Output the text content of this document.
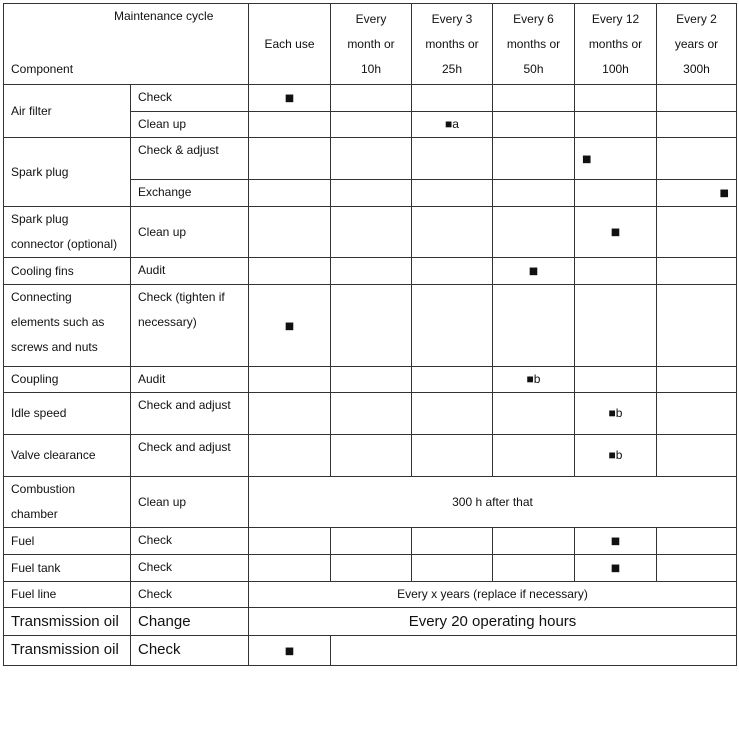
Maintenance cycle
Component		Each use	Every month or 10h	Every 3 months or 25h	Every 6 months or 50h	Every 12 months or 100h	Every 2 years or 300h
Air filter	Check	■					
	Clean up			■a			
Spark plug	Check & adjust					■	
	Exchange						■
Spark plug connector (optional)	Clean up					■	
Cooling fins	Audit				■		
Connecting elements such as screws and nuts	Check (tighten if necessary)	■					
Coupling	Audit				■b		
Idle speed	Check and adjust					■b	
Valve clearance	Check and adjust					■b	
Combustion chamber	Clean up	300 h after that					
Fuel	Check					■	
Fuel tank	Check					■	
Fuel line	Check	Every x years (replace if necessary)					
Transmission oil	Change	Every 20 operating hours					
Transmission oil	Check	■					
